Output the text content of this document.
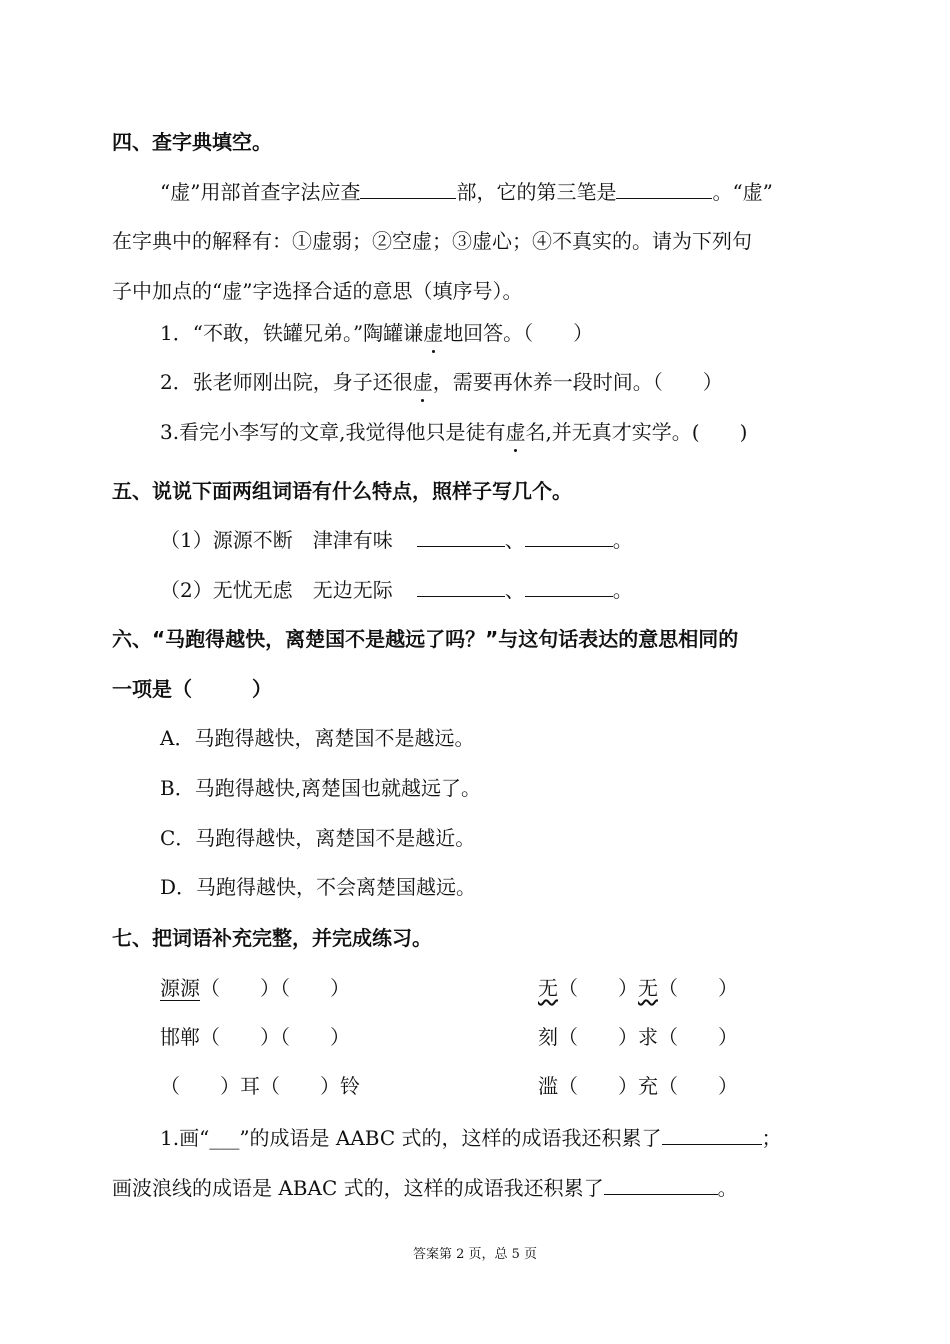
四、查字典填空。
“虚”用部首查字法应查	部，它的第三笔是	。“虚”
在字典中的解释有：①虚弱；②空虚；③虚心；④不真实的。请为下列句
子中加点的“虚”字选择合适的意思（填序号）。
1．“不敢，铁罐兄弟。”陶罐谦虚地回答。（　　）
2．张老师刚出院，身子还很虚，需要再休养一段时间。（　　）
3.看完小李写的文章,我觉得他只是徒有虚名,并无真才实学。(　　)
五、说说下面两组词语有什么特点，照样子写几个。
（1）源源不断　津津有味	、	。
（2）无忧无虑　无边无际	、	。
六、“马跑得越快，离楚国不是越远了吗？”与这句话表达的意思相同的
一项是（　　　）
A．马跑得越快，离楚国不是越远。
B．马跑得越快,离楚国也就越远了。
C．马跑得越快，离楚国不是越近。
D．马跑得越快，不会离楚国越远。
七、把词语补充完整，并完成练习。
源源（　　）（　　）	无（　　）无（　　）
邯郸（　　）（　　）	刻（　　）求（　　）
（　　）耳（　　）铃	滥（　　）充（　　）
1.画“___”的成语是 AABC 式的，这样的成语我还积累了	；
画波浪线的成语是 ABAC 式的，这样的成语我还积累了	。
答案第 2 页，总 5 页
